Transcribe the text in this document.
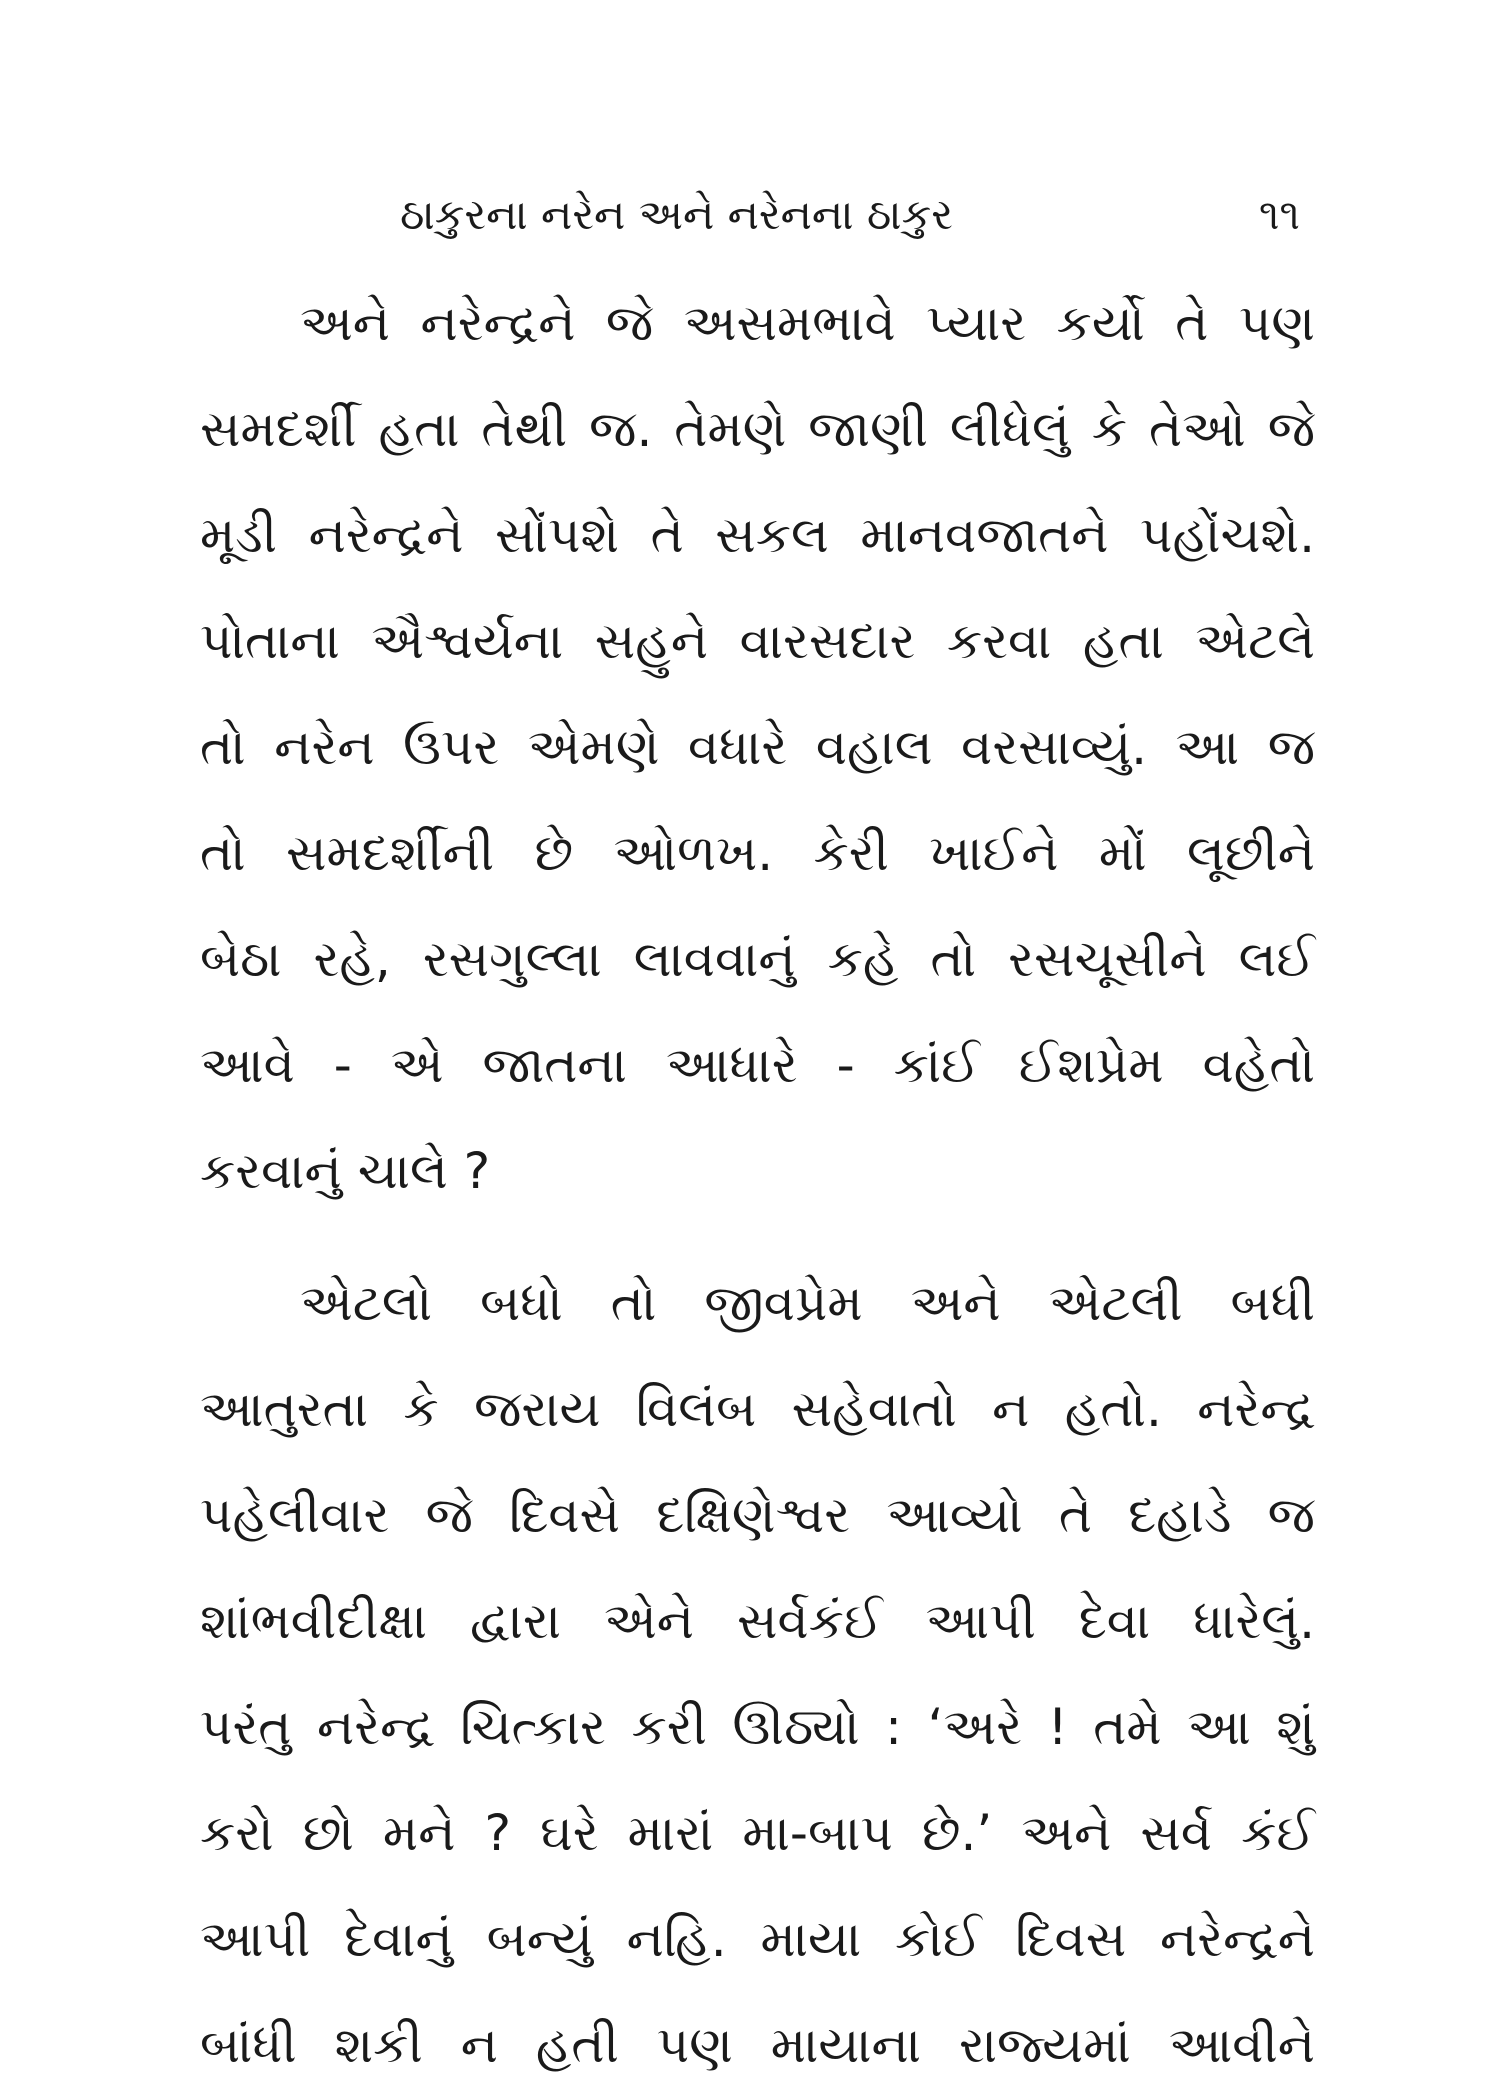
ઠાકુરના નરેન અને નરેનના ઠાકુર	૧૧
અને નરેન્દ્રને જે અસમભાવે પ્યાર કર્યો તે પણ
સમદર્શી હતા તેથી જ. તેમણે જાણી લીધેલું કે તેઓ જે
મૂડી નરેન્દ્રને સોંપશે તે સકલ માનવજાતને પહોંચશે.
પોતાના ઐશ્વર્યના સહુને વારસદાર કરવા હતા એટલે
તો નરેન ઉપર એમણે વધારે વહાલ વરસાવ્યું. આ જ
તો સમદર્શીની છે ઓળખ. કેરી ખાઈને મોં લૂછીને
બેઠા રહે, રસગુલ્લા લાવવાનું કહે તો રસચૂસીને લઈ
આવે - એ જાતના આધારે - કાંઈ ઈશપ્રેમ વહેતો
કરવાનું ચાલે ?
એટલો બધો તો જીવપ્રેમ અને એટલી બધી
આતુરતા કે જરાય વિલંબ સહેવાતો ન હતો. નરેન્દ્ર
પહેલીવાર જે દિવસે દક્ષિણેશ્વર આવ્યો તે દહાડે જ
શાંભવીદીક્ષા દ્વારા એને સર્વકંઈ આપી દેવા ધારેલું.
પરંતુ નરેન્દ્ર ચિત્કાર કરી ઊઠ્યો : ‘અરે ! તમે આ શું
કરો છો મને ? ઘરે મારાં મા-બાપ છે.’ અને સર્વ કંઈ
આપી દેવાનું બન્યું નહિ. માયા કોઈ દિવસ નરેન્દ્રને
બાંધી શકી ન હતી પણ માયાના રાજ્યમાં આવીને
